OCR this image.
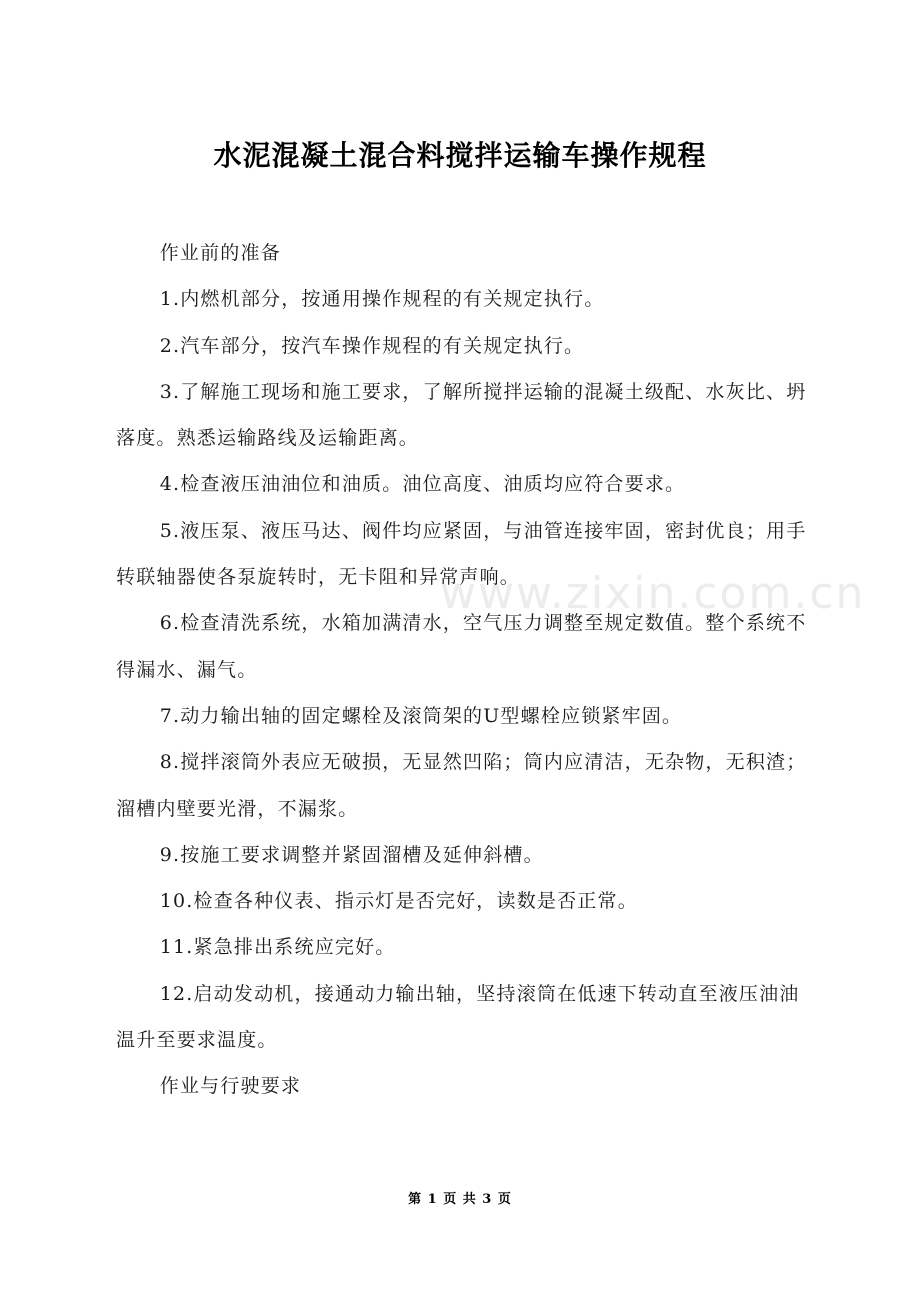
水泥混凝土混合料搅拌运输车操作规程
www.zixin.com.cn

作业前的准备

1.内燃机部分，按通用操作规程的有关规定执行。

2.汽车部分，按汽车操作规程的有关规定执行。

3.了解施工现场和施工要求，了解所搅拌运输的混凝土级配、水灰比、坍落度。熟悉运输路线及运输距离。

4.检查液压油油位和油质。油位高度、油质均应符合要求。

5.液压泵、液压马达、阀件均应紧固，与油管连接牢固，密封优良；用手转联轴器使各泵旋转时，无卡阻和异常声响。

6.检查清洗系统，水箱加满清水，空气压力调整至规定数值。整个系统不得漏水、漏气。

7.动力输出轴的固定螺栓及滚筒架的U型螺栓应锁紧牢固。

8.搅拌滚筒外表应无破损，无显然凹陷；筒内应清洁，无杂物，无积渣；溜槽内壁要光滑，不漏浆。

9.按施工要求调整并紧固溜槽及延伸斜槽。

10.检查各种仪表、指示灯是否完好，读数是否正常。

11.紧急排出系统应完好。

12.启动发动机，接通动力输出轴，坚持滚筒在低速下转动直至液压油油温升至要求温度。

作业与行驶要求

第 1 页 共 3 页
